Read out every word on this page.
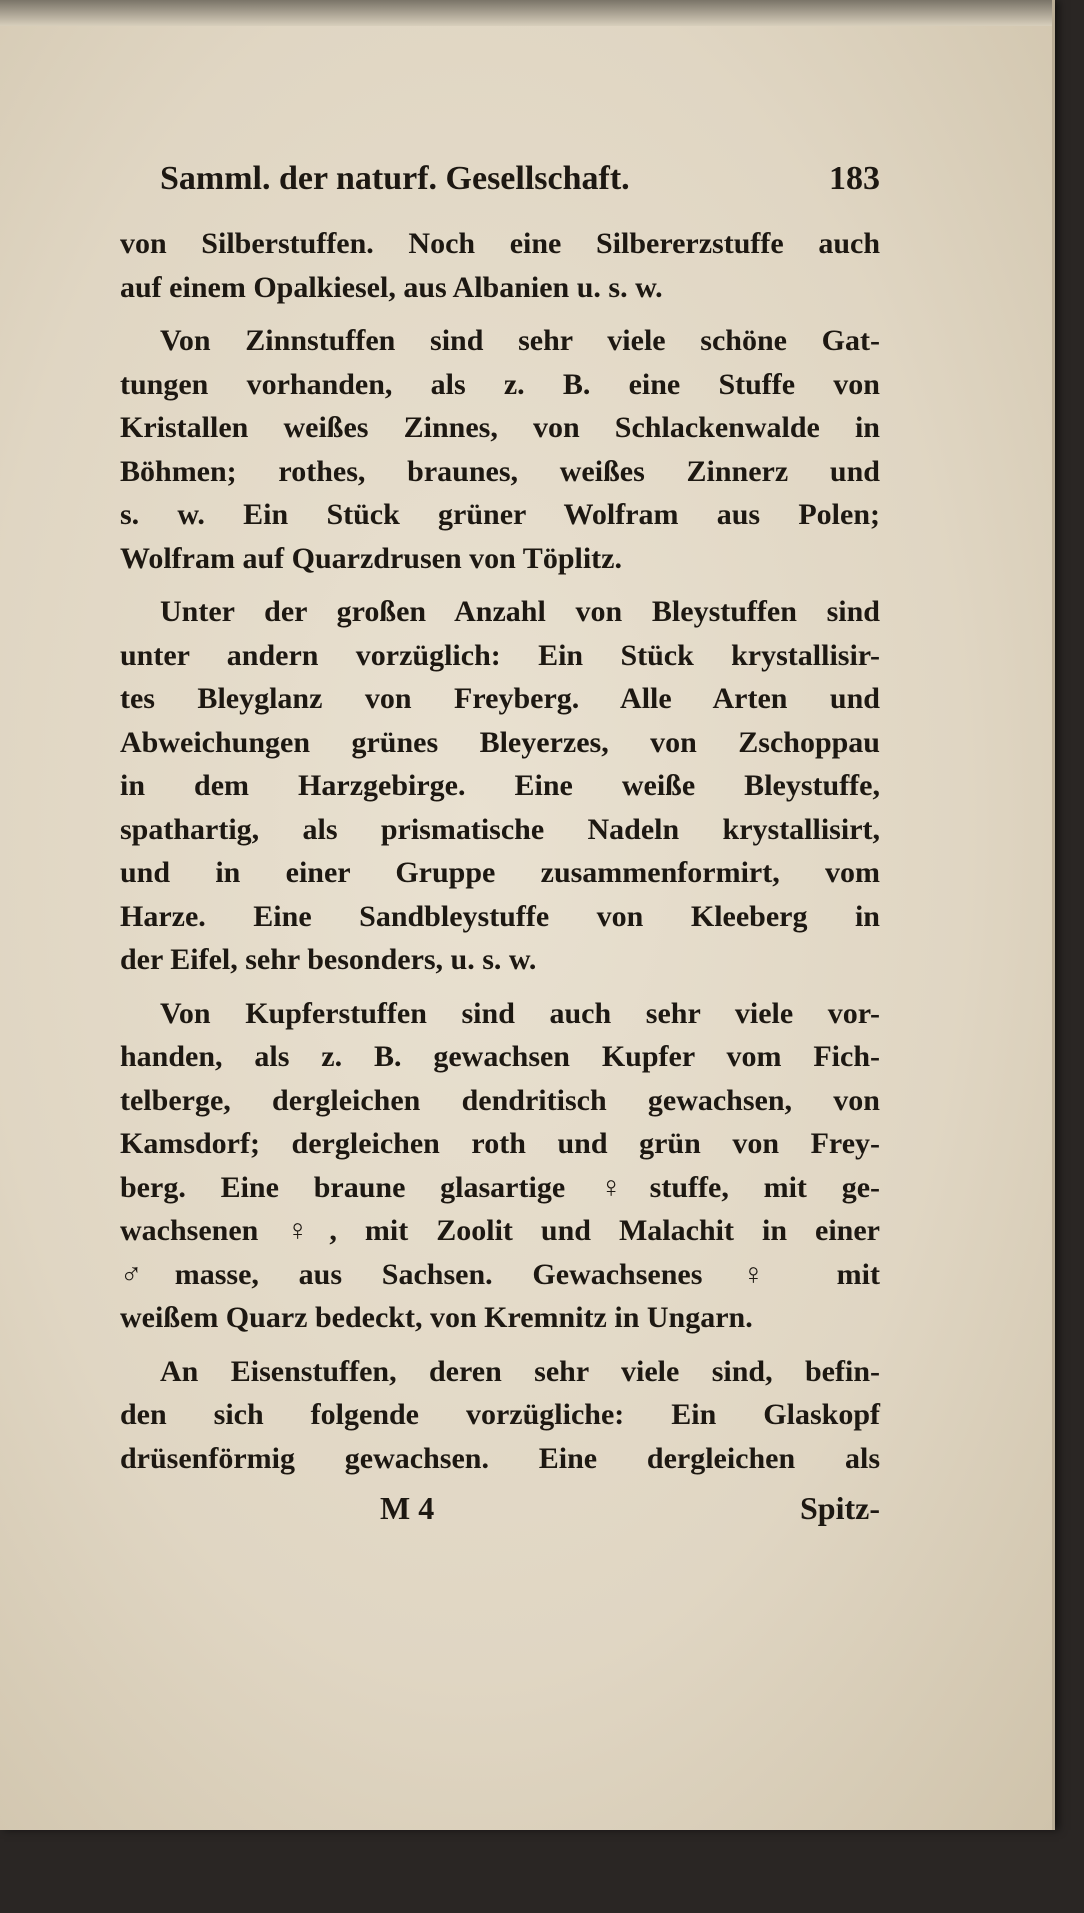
Samml. der naturf. Gesellschaft.	183
von Silberstuffen. Noch eine Silbererzstuffe auch
auf einem Opalkiesel, aus Albanien u. s. w.
Von Zinnstuffen sind sehr viele schöne Gat-
tungen vorhanden, als z. B. eine Stuffe von
Kristallen weißes Zinnes, von Schlackenwalde in
Böhmen; rothes, braunes, weißes Zinnerz und
s. w. Ein Stück grüner Wolfram aus Polen;
Wolfram auf Quarzdrusen von Töplitz.
Unter der großen Anzahl von Bleystuffen sind
unter andern vorzüglich: Ein Stück krystallisir-
tes Bleyglanz von Freyberg. Alle Arten und
Abweichungen grünes Bleyerzes, von Zschoppau
in dem Harzgebirge. Eine weiße Bleystuffe,
spathartig, als prismatische Nadeln krystallisirt,
und in einer Gruppe zusammenformirt, vom
Harze. Eine Sandbleystuffe von Kleeberg in
der Eifel, sehr besonders, u. s. w.
Von Kupferstuffen sind auch sehr viele vor-
handen, als z. B. gewachsen Kupfer vom Fich-
telberge, dergleichen dendritisch gewachsen, von
Kamsdorf; dergleichen roth und grün von Frey-
berg. Eine braune glasartige ♀stuffe, mit ge-
wachsenen ♀, mit Zoolit und Malachit in einer
♂masse, aus Sachsen. Gewachsenes ♀ mit
weißem Quarz bedeckt, von Kremnitz in Ungarn.
An Eisenstuffen, deren sehr viele sind, befin-
den sich folgende vorzügliche: Ein Glaskopf
drüsenförmig gewachsen. Eine dergleichen als
M 4	Spitz-
